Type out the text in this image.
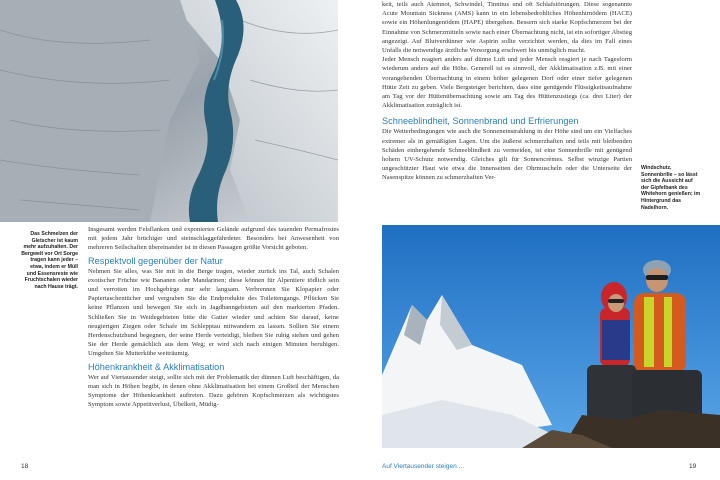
Das Schmelzen der Gletscher ist kaum mehr aufzuhalten. Der Bergwelt vor Ort Sorge tragen kann jeder – etwa, indem er Müll und Essensreste wie Fruchtschalen wieder nach Hause trägt.

Insgesamt werden Felsflanken und exponiertes Gelände aufgrund des tauenden Permafrostes mit jedem Jahr brüchiger und steinschlaggefährdeter. Besonders bei Anwesenheit von mehreren Seilschaften übereinander ist in diesen Passagen größte Vorsicht geboten.

Respektvoll gegenüber der Natur

Nehmen Sie alles, was Sie mit in die Berge tragen, wieder zurück ins Tal, auch Schalen exotischer Früchte wie Bananen oder Mandarinen; diese können für Alpentiere tödlich sein und verrotten im Hochgebirge nur sehr langsam. Verbrennen Sie Klopapier oder Papiertaschentücher und vergraben Sie die Endprodukte des Toilettengangs. Pflücken Sie keine Pflanzen und bewegen Sie sich in Jagdbanngebieten auf den markierten Pfaden. Schließen Sie in Weidegebieten bitte die Gatter wieder und achten Sie darauf, keine neugierigen Ziegen oder Schafe im Schlepptau mitwandern zu lassen. Sollten Sie einem Herdenschutzhund begegnen, der seine Herde verteidigt, bleiben Sie ruhig stehen und gehen Sie der Herde gemächlich aus dem Weg; er wird sich nach einigen Minuten beruhigen. Umgehen Sie Mutterkühe weiträumig.

Höhenkrankheit & Akklimatisation

Wer auf Viertausender steigt, sollte sich mit der Problematik der dünnen Luft beschäftigen, da man sich in Höhen begibt, in denen ohne Akklimatisation bei einem Großteil der Menschen Symptome der Höhenkrankheit auftreten. Dazu gehören Kopfschmerzen als wichtigstes Symptom sowie Appetitverlust, Übelkeit, Müdig-

18

keit, teils auch Atemnot, Schwindel, Tinnitus und oft Schlafstörungen. Diese sogenannte Acute Mountain Sickness (AMS) kann in ein lebensbedrohliches Höhenhirnödem (HACE) sowie ein Höhenlungenödem (HAPE) übergehen. Bessern sich starke Kopfschmerzen bei der Einnahme von Schmerzmitteln sowie nach einer Übernachtung nicht, ist ein sofortiger Abstieg angezeigt. Auf Blutverdünner wie Aspirin sollte verzichtet werden, da dies im Fall eines Unfalls die notwendige ärztliche Versorgung erschwert bis unmöglich macht.

Jeder Mensch reagiert anders auf dünne Luft und jeder Mensch reagiert je nach Tagesform wiederum anders auf die Höhe. Generell ist es sinnvoll, der Akklimatisation z.B. mit einer vorangehenden Übernachtung in einem höher gelegenen Dorf oder einer tiefer gelegenen Hütte Zeit zu geben. Viele Bergsteiger berichten, dass eine genügende Flüssigkeitsaufnahme am Tag vor der Hüttenübernachtung sowie am Tag des Hüttenzustiegs (ca. drei Liter) der Akklimatisation zuträglich ist.

Schneeblindheit, Sonnenbrand und Erfrierungen

Die Wetterbedingungen wie auch die Sonneneinstrahlung in der Höhe sind um ein Vielfaches extremer als in gemäßigten Lagen. Um die äußerst schmerzhaften und teils mit bleibenden Schäden einhergehende Schneeblindheit zu vermeiden, ist eine Sonnenbrille mit genügend hohem UV-Schutz notwendig. Gleiches gilt für Sonnencrèmes. Selbst winzige Partien ungeschützter Haut wie etwa die Innenseiten der Ohrmuscheln oder die Unterseite der Nasenspitze können zu schmerzhaften Ver-

Windschutz, Sonnenbrille – so lässt sich die Aussicht auf der Gipfelbank des Whitehorn genießen; im Hintergrund das Nadelhorn.
Auf Viertausender steigen …	19
